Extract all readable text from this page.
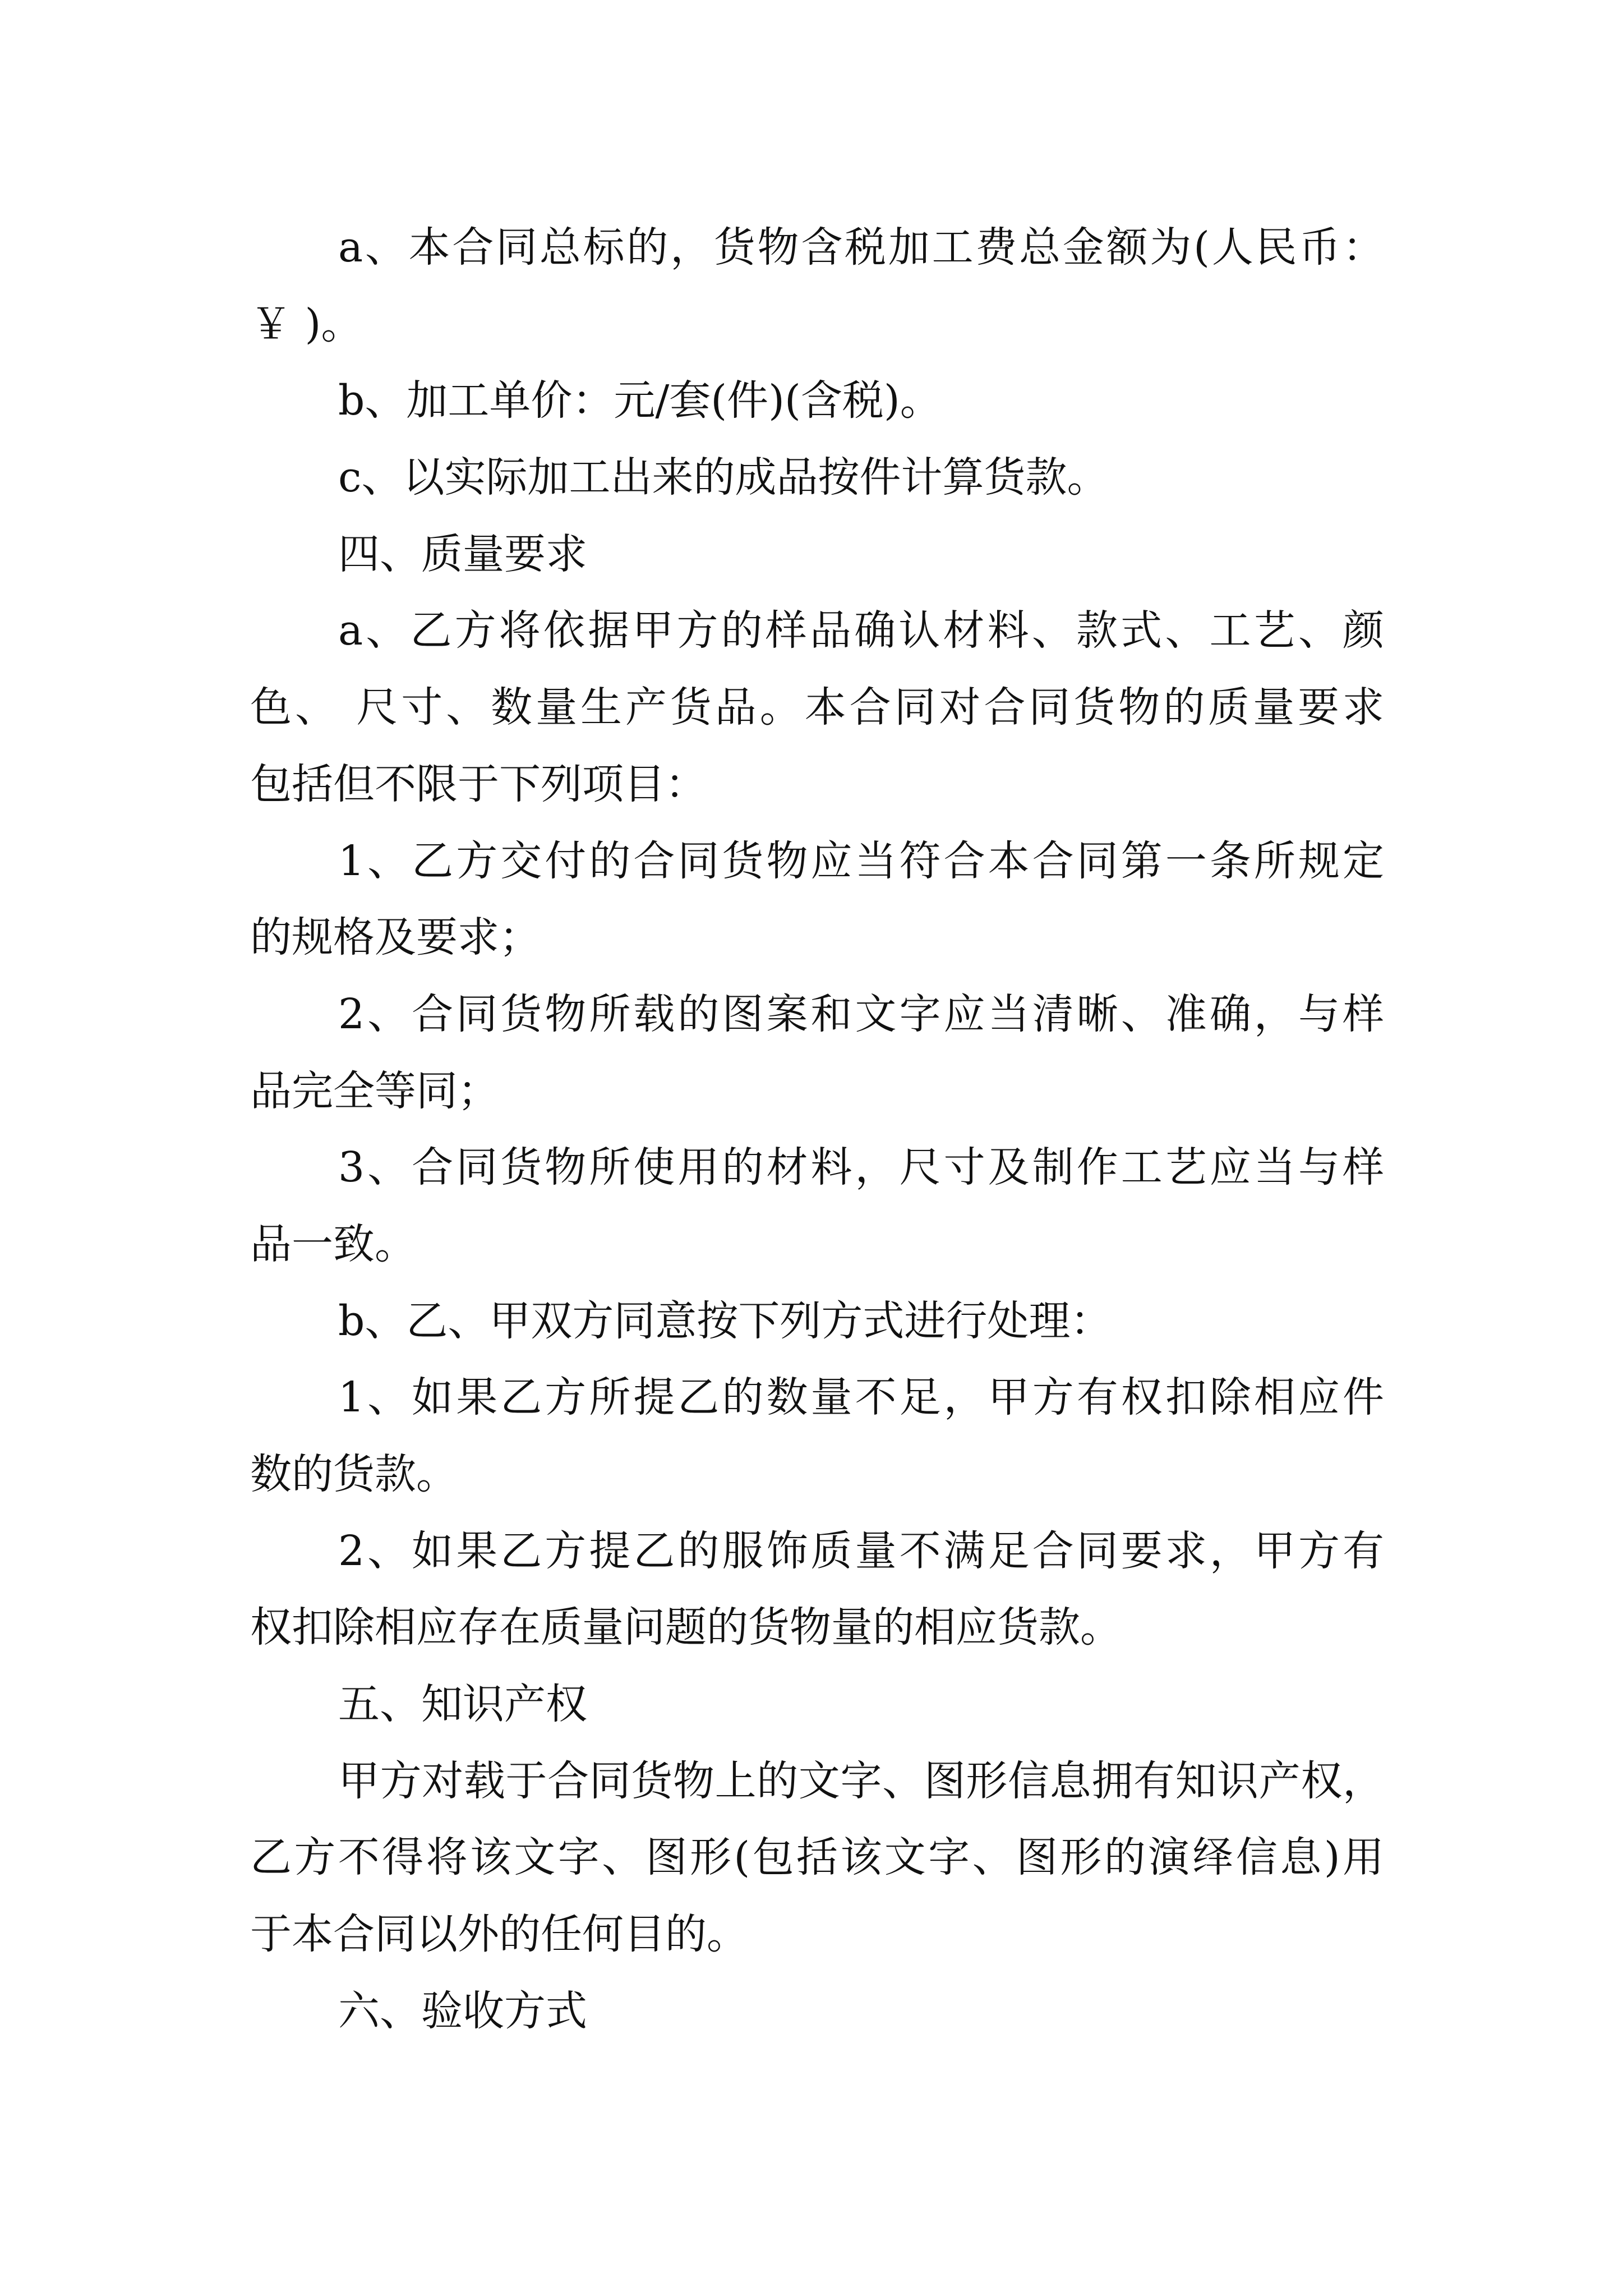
a、本合同总标的，货物含税加工费总金额为(人民币：
￥ )。
b、加工单价：元/套(件)(含税)。
c、以实际加工出来的成品按件计算货款。
四、质量要求
a、乙方将依据甲方的样品确认材料、款式、工艺、颜
色、 尺寸、数量生产货品。本合同对合同货物的质量要求
包括但不限于下列项目：
1、乙方交付的合同货物应当符合本合同第一条所规定
的规格及要求；
2、合同货物所载的图案和文字应当清晰、准确，与样
品完全等同；
3、合同货物所使用的材料，尺寸及制作工艺应当与样
品一致。
b、乙、甲双方同意按下列方式进行处理：
1、如果乙方所提乙的数量不足，甲方有权扣除相应件
数的货款。
2、如果乙方提乙的服饰质量不满足合同要求，甲方有
权扣除相应存在质量问题的货物量的相应货款。
五、知识产权
甲方对载于合同货物上的文字、图形信息拥有知识产权，
乙方不得将该文字、图形(包括该文字、图形的演绎信息)用
于本合同以外的任何目的。
六、验收方式
